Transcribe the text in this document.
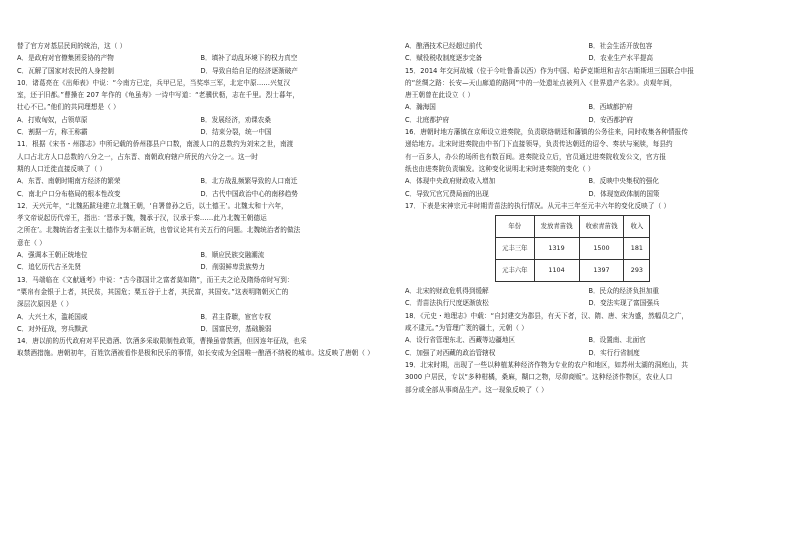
替了官方对基层民间的统治，这（ ）
A．是政府对官僚集团妥协的产物	B．填补了动乱环境下的权力真空
C．瓦解了国家对农民的人身控制	D．导致自给自足的经济逐渐破产
10．诸葛亮在《出师表》中说：“今南方已定，兵甲已足，当奖率三军，北定中原……兴复汉
室，还于旧都。”曹操在 207 年作的《龟虽寿》一诗中写道：“老骥伏枥，志在千里。烈士暮年，
壮心不已。”他们的共同理想是（ ）
A．打败匈奴，占领草原	B．发展经济，劝课农桑
C．割据一方，称王称霸	D．结束分裂，统一中国
11．根据《宋书・州郡志》中所记载的侨州郡县户口数，南渡人口的总数约为刘宋之世，南渡
人口占北方人口总数的八分之一，占东晋、南朝政府辖户所民的六分之一。这一时
期的人口迁徙直接反映了（ ）
A．东晋、南朝时期南方经济的繁荣	B．北方战乱频繁导致的人口南迁
C．南北户口分布格局的根本性改变	D．古代中国政治中心的南移趋势
12．天兴元年，“北魏拓跋珪建立北魏王朝，‘自署曾孙之后，以土德王’。北魏太和十六年，
孝文帝说起历代帝王，指出：‘晋承于魏，魏承于汉，汉承于秦……此乃北魏王朝德运
之所在’。北魏统治者主张以土德作为本朝正统，也曾议论其有关五行的问题。北魏统治者的做法
意在（ ）
A．强调本王朝正统地位	B．顺应民族交融潮流
C．追忆历代古圣先贤	D．削弱鲜卑贵族势力
13．马端临在《文献通考》中说：“古今郡国计之富者莫如隋”，而王夫之论及隋炀帝时写到：
“粟帛有金银于上者，其民贫，其国危；粟五谷于上者，其民富，其国安。”这表明隋朝灭亡的
深层次原因是（ ）
A．大兴土木，滥耗国威	B．君主昏聩，宦官专权
C．对外征战，穷兵黩武	D．国富民穷，基础脆弱
14．唐以前的历代政府对平民造酒、饮酒多采取限制性政策，曹操虽曾禁酒，但因连年征战，也采
取禁酒措施。唐朝初年，百姓饮酒被看作是极和民乐的事情，如长安成为全国唯一酿酒不纳税的城市。这反映了唐朝（ ）
A．酿酒技术已经超过前代	B．社会生活开放包容
C．赋役税收制度逐步完备	D．农业生产水平提高
15．2014 年交河故城（位于今吐鲁番以西）作为中国、哈萨克斯坦和吉尔吉斯斯坦三国联合申报
的“丝绸之路：长安—天山廊道的路网”中的一处遗址点被列入《世界遗产名录》。贞观年间，
唐王朝曾在此设立（ ）
A．瀚海国	B．西域都护府
C．北庭都护府	D．安西都护府
16．唐朝时地方藩镇在京师设立进奏院，负责联络朝廷和藩镇的公务往来，同时收集各种情报传
递给地方。北宋时进奏院由中书门下直接领导，负责传达朝廷的诏令、奏状与案牍，每县约
有一百多人，办公的场所也有数百间。进奏院设立后，官员通过进奏院收发公文，官方报
纸也由进奏院负责编发。这种变化说明北宋时进奏院的变化（ ）
A．体现中央政府财政收入增加	B．反映中央集权的强化
C．导致冗官冗费局面的出现	D．体现宽政体制的国策
17．下表是宋神宗元丰时期青苗法的执行情况。从元丰三年至元丰六年的变化反映了（ ）
年份	发放青苗钱	收索青苗钱	收入
元丰三年	1319	1500	181
元丰六年	1104	1397	293
A．北宋的财政危机得到缓解	B．民众的经济负担加重
C．青苗法执行尺度逐渐放松	D．变法实现了富国强兵
18．《元史・地理志》中载：“自封建交为郡县，有天下者，汉、隋、唐、宋为盛，然幅员之广，
咸不逮元。”为管理广袤的疆土，元朝（ ）
A．设行省管理东北、西藏等边疆地区	B．设置南、北面官
C．加强了对西藏的政治管辖权	D．实行行省制度
19．北宋时期，出现了一些以种植某种经济作物为专业的农户和地区，如苏州太湖的洞庭山，共
3000 户居民，专以“多种柑橘，桑麻，糊口之物，尽仰商贩”。这种经济作物区，农业人口
部分或全部从事商品生产。这一现象反映了（ ）
